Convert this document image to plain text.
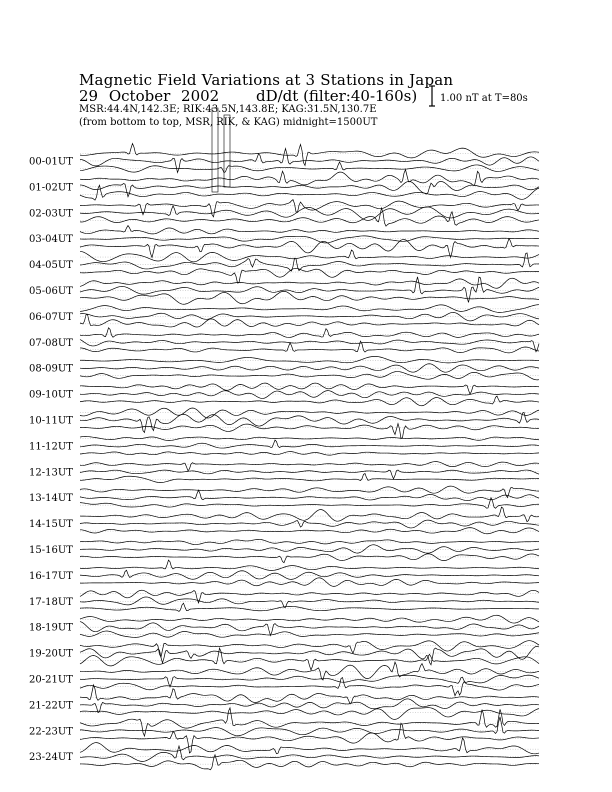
Magnetic Field Variations at 3 Stations in Japan
29 October 2002 dD/dt (filter:40-160s)
MSR:44.4N,142.3E; RIK:43.5N,143.8E; KAG:31.5N,130.7E
(from bottom to top, MSR, RIK, & KAG) midnight=1500UT
1.00 nT at T=80s
00-01UT
01-02UT
02-03UT
03-04UT
04-05UT
05-06UT
06-07UT
07-08UT
08-09UT
09-10UT
10-11UT
11-12UT
12-13UT
13-14UT
14-15UT
15-16UT
16-17UT
17-18UT
18-19UT
19-20UT
20-21UT
21-22UT
22-23UT
23-24UT
